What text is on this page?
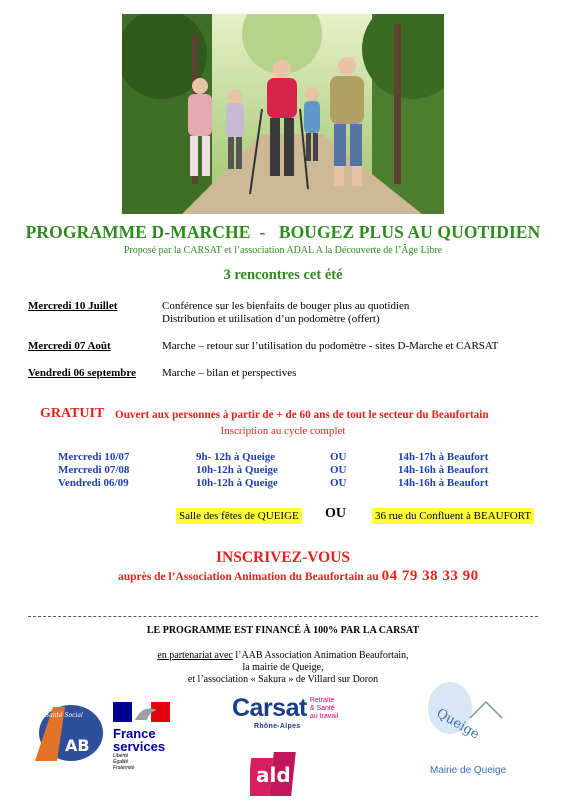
PROGRAMME D-MARCHE  -   BOUGEZ PLUS AU QUOTIDIEN
Proposé par la CARSAT et l’association ADAL A la Découverte de l’Âge Libre
3 rencontres cet été
Mercredi 10 Juillet	Conférence sur les bienfaits de bouger plus au quotidien
Distribution et utilisation d’un podomètre (offert)
Mercredi 07 Août	Marche – retour sur l’utilisation du podomètre - sites D-Marche et CARSAT
Vendredi 06 septembre Marche – bilan et perspectives
GRATUIT Ouvert aux personnes à partir de + de 60 ans de tout le secteur du Beaufortain
Inscription au cycle complet
Mercredi 10/07	9h- 12h à Queige	OU	14h-17h à Beaufort
Mercredi 07/08	10h-12h à Queige	OU	14h-16h à Beaufort
Vendredi 06/09	10h-12h à Queige	OU	14h-16h à Beaufort
Salle des fêtes de QUEIGE OU	36 rue du Confluent à BEAUFORT
INSCRIVEZ-VOUS
auprès de l’Association Animation du Beaufortain au 04 79 38 33 90
LE PROGRAMME EST FINANCÉ À 100% PAR LA CARSAT
en partenariat avec l’AAB Association Animation Beaufortain,
la mairie de Queige,
et l’association « Sakura » de Villard sur Doron
Santé Social
AB
France
services
Liberté
Égalité
Fraternité
Carsat Retraite
& Santé
au travail
Rhône-Alpes
ald
Queige
Mairie de Queige
